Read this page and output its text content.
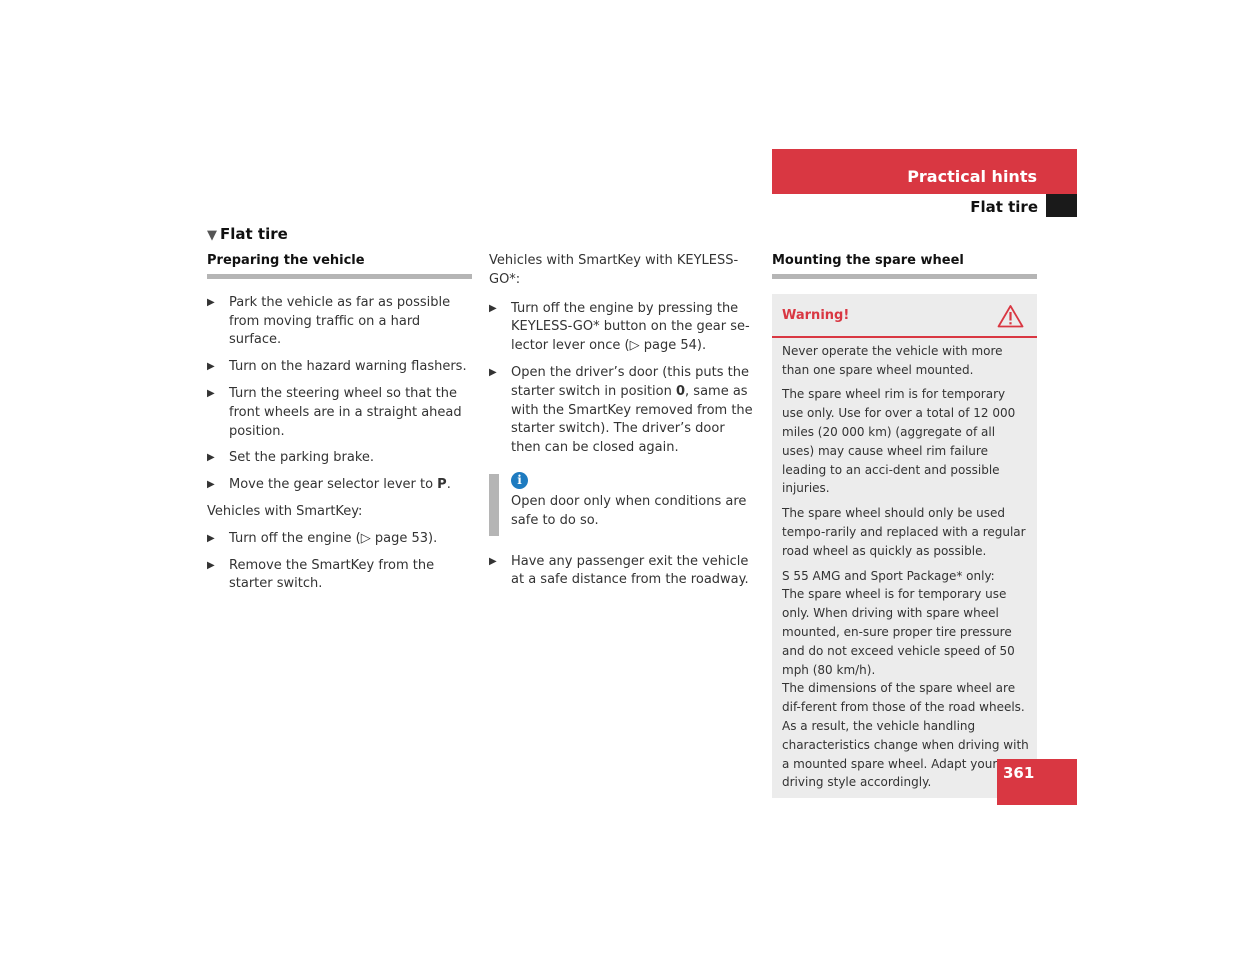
Practical hints
Flat tire
▼ Flat tire
Preparing the vehicle
▶ Park the vehicle as far as possible from moving traffic on a hard surface.
▶ Turn on the hazard warning flashers.
▶ Turn the steering wheel so that the front wheels are in a straight ahead position.
▶ Set the parking brake.
▶ Move the gear selector lever to P.
Vehicles with SmartKey:
▶ Turn off the engine (▷ page 53).
▶ Remove the SmartKey from the starter switch.
Vehicles with SmartKey with KEYLESS-GO*:
▶ Turn off the engine by pressing the KEYLESS-GO* button on the gear se-lector lever once (▷ page 54).
▶ Open the driver’s door (this puts the starter switch in position 0, same as with the SmartKey removed from the starter switch). The driver’s door then can be closed again.
i
Open door only when conditions are safe to do so.
▶ Have any passenger exit the vehicle at a safe distance from the roadway.
Mounting the spare wheel
Warning!

Never operate the vehicle with more than one spare wheel mounted.

The spare wheel rim is for temporary use only. Use for over a total of 12 000 miles (20 000 km) (aggregate of all uses) may cause wheel rim failure leading to an acci-dent and possible injuries.

The spare wheel should only be used tempo-rarily and replaced with a regular road wheel as quickly as possible.

S 55 AMG and Sport Package* only:

The spare wheel is for temporary use only. When driving with spare wheel mounted, en-sure proper tire pressure and do not exceed vehicle speed of 50 mph (80 km/h).

The dimensions of the spare wheel are dif-ferent from those of the road wheels. As a result, the vehicle handling characteristics change when driving with a mounted spare wheel. Adapt your driving style accordingly.

361
